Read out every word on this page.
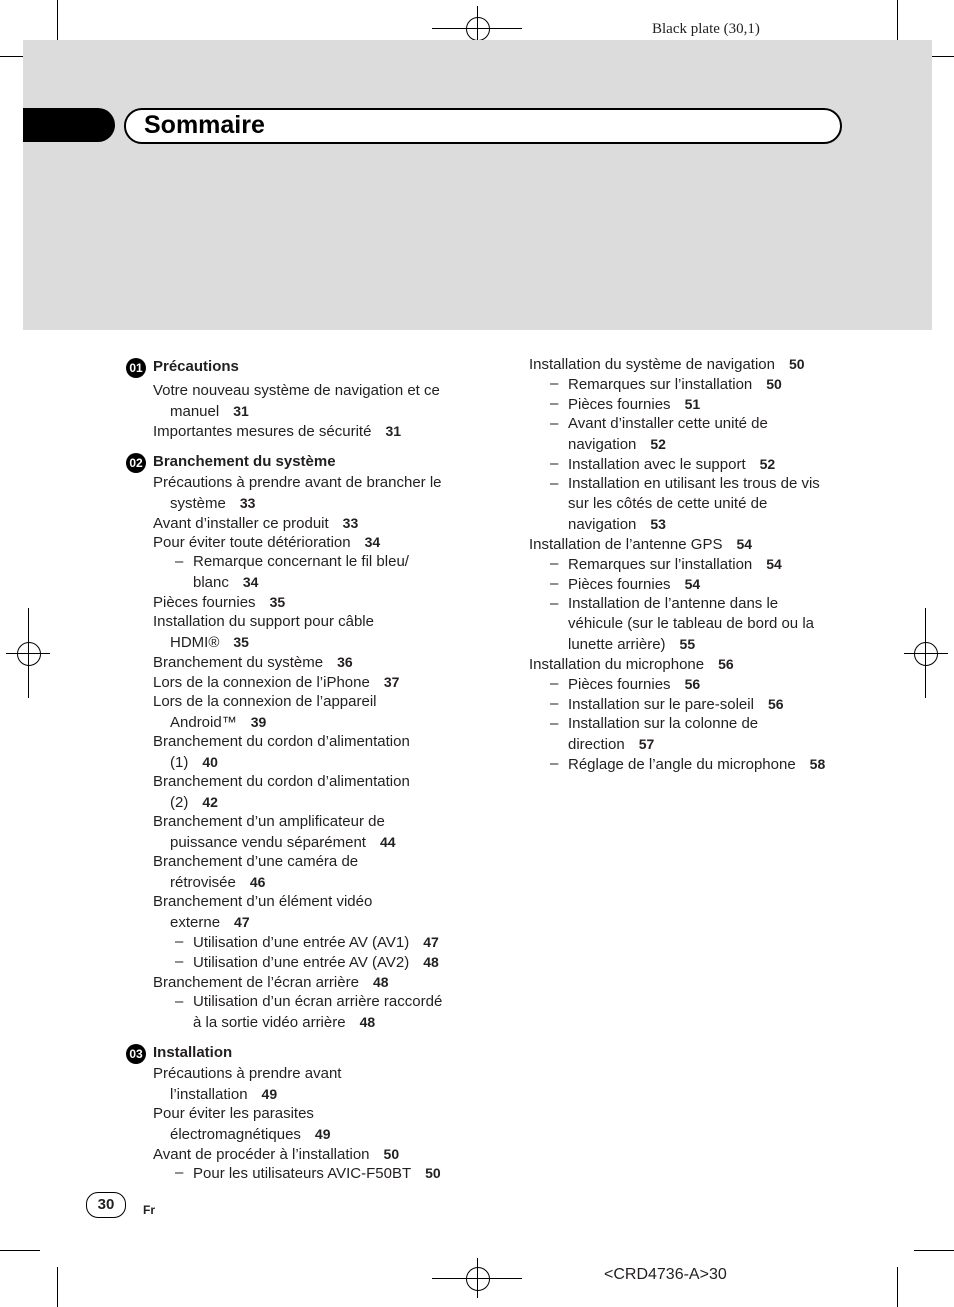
Black plate (30,1)
Sommaire
01 Précautions
02 Branchement du système
03 Installation
Votre nouveau système de navigation et ce
manuel 31
Importantes mesures de sécurité 31
Précautions à prendre avant de brancher le
système 33
Avant d’installer ce produit 33
Pour éviter toute détérioration 34
– Remarque concernant le fil bleu/
blanc 34
Pièces fournies 35
Installation du support pour câble
HDMI® 35
Branchement du système 36
Lors de la connexion de l’iPhone 37
Lors de la connexion de l’appareil
Android™ 39
Branchement du cordon d’alimentation
(1) 40
Branchement du cordon d’alimentation
(2) 42
Branchement d’un amplificateur de
puissance vendu séparément 44
Branchement d’une caméra de
rétrovisée 46
Branchement d’un élément vidéo
externe 47
– Utilisation d’une entrée AV (AV1) 47
– Utilisation d’une entrée AV (AV2) 48
Branchement de l’écran arrière 48
– Utilisation d’un écran arrière raccordé
à la sortie vidéo arrière 48
Précautions à prendre avant
l’installation 49
Pour éviter les parasites
électromagnétiques 49
Avant de procéder à l’installation 50
– Pour les utilisateurs AVIC-F50BT 50
Installation du système de navigation 50
– Remarques sur l’installation 50
– Pièces fournies 51
– Avant d’installer cette unité de
navigation 52
– Installation avec le support 52
– Installation en utilisant les trous de vis
sur les côtés de cette unité de
navigation 53
Installation de l’antenne GPS 54
– Remarques sur l’installation 54
– Pièces fournies 54
– Installation de l’antenne dans le
véhicule (sur le tableau de bord ou la
lunette arrière) 55
Installation du microphone 56
– Pièces fournies 56
– Installation sur le pare-soleil 56
– Installation sur la colonne de
direction 57
– Réglage de l’angle du microphone 58
30	Fr
<CRD4736-A>30
